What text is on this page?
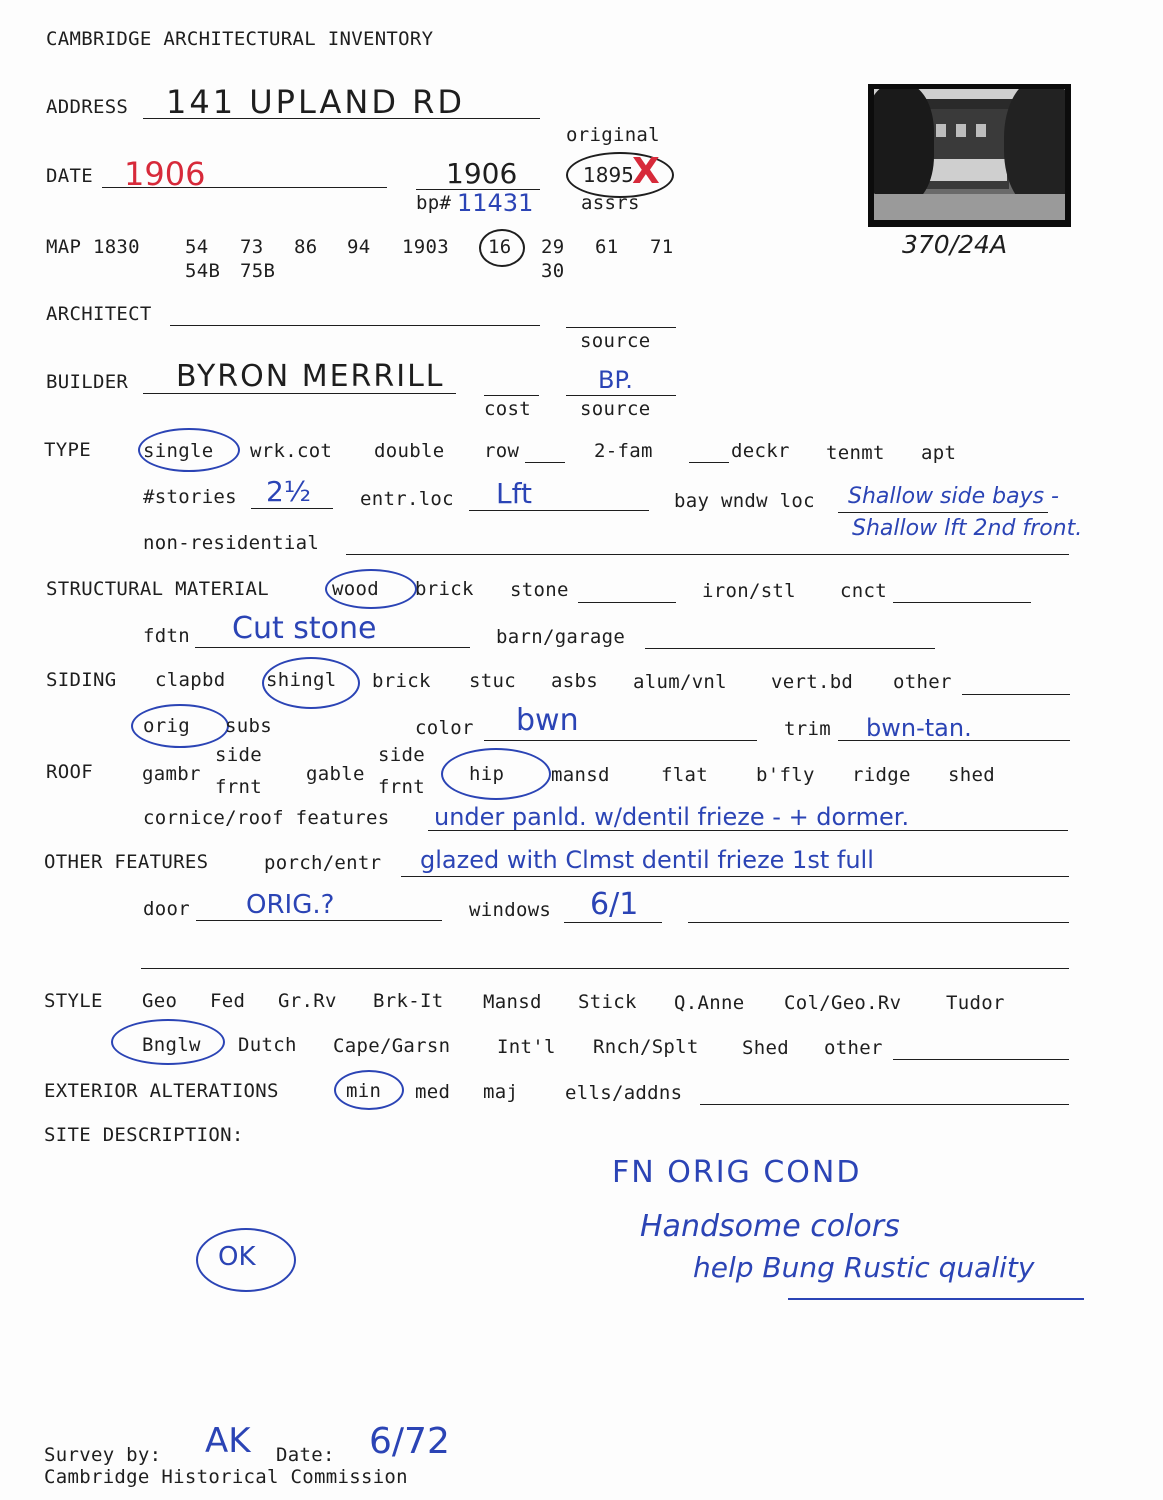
CAMBRIDGE ARCHITECTURAL INVENTORY
370/24A
ADDRESS 141 UPLAND RD
original
DATE 1906	1906
bp# 11431
1895
X
assrs
MAP 1830 54 73 86 94 1903 16 29 61 71
54B 75B	30
ARCHITECT
source
BUILDER BYRON MERRILL
cost
BP.
source
TYPE	single wrk.cot double row	2-fam	deckr tenmt apt
#stories 2½	entr.loc Lft	bay wndw loc Shallow side bays -
Shallow lft 2nd front.
non-residential
STRUCTURAL MATERIAL	wood brick stone	iron/stl cnct
fdtn Cut stone	barn/garage
SIDING clapbd shingl brick stuc asbs alum/vnl vert.bd other
orig subs	color bwn	trim bwn-tan.
side	side
ROOF	gambr	gable	hip mansd	flat	b'fly ridge shed
frnt	frnt
cornice/roof features under panld. w/dentil frieze - + dormer.
OTHER FEATURES	porch/entr glazed with Clmst dentil frieze 1st full
door ORIG.?	windows 6/1
STYLE Geo Fed Gr.Rv Brk-It Mansd Stick Q.Anne Col/Geo.Rv Tudor
Bnglw Dutch Cape/Garsn Int'l Rnch/Splt Shed other
EXTERIOR ALTERATIONS	min med maj ells/addns
SITE DESCRIPTION:
FN ORIG COND
Handsome colors
help Bung Rustic quality
OK
Survey by: AK Date: 6/72
Cambridge Historical Commission
